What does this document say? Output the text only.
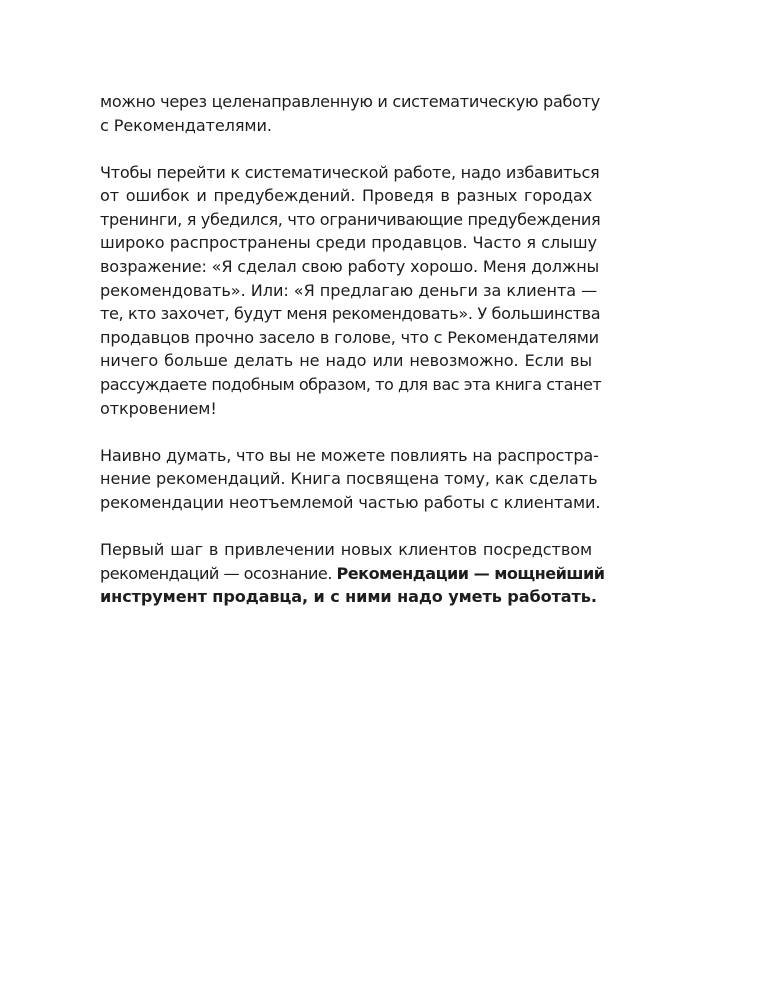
можно через целенаправленную и систематическую работу
с Рекомендателями.
Чтобы перейти к систематической работе, надо избавиться
от ошибок и предубеждений. Проведя в разных городах
тренинги, я убедился, что ограничивающие предубеждения
широко распространены среди продавцов. Часто я слышу
возражение: «Я сделал свою работу хорошо. Меня должны
рекомендовать». Или: «Я предлагаю деньги за клиента —
те, кто захочет, будут меня рекомендовать». У большинства
продавцов прочно засело в голове, что с Рекомендателями
ничего больше делать не надо или невозможно. Если вы
рассуждаете подобным образом, то для вас эта книга станет
откровением!
Наивно думать, что вы не можете повлиять на распростра-
нение рекомендаций. Книга посвящена тому, как сделать
рекомендации неотъемлемой частью работы с клиентами.
Первый шаг в привлечении новых клиентов посредством
рекомендаций — осознание. Рекомендации — мощнейший
инструмент продавца, и с ними надо уметь работать.
